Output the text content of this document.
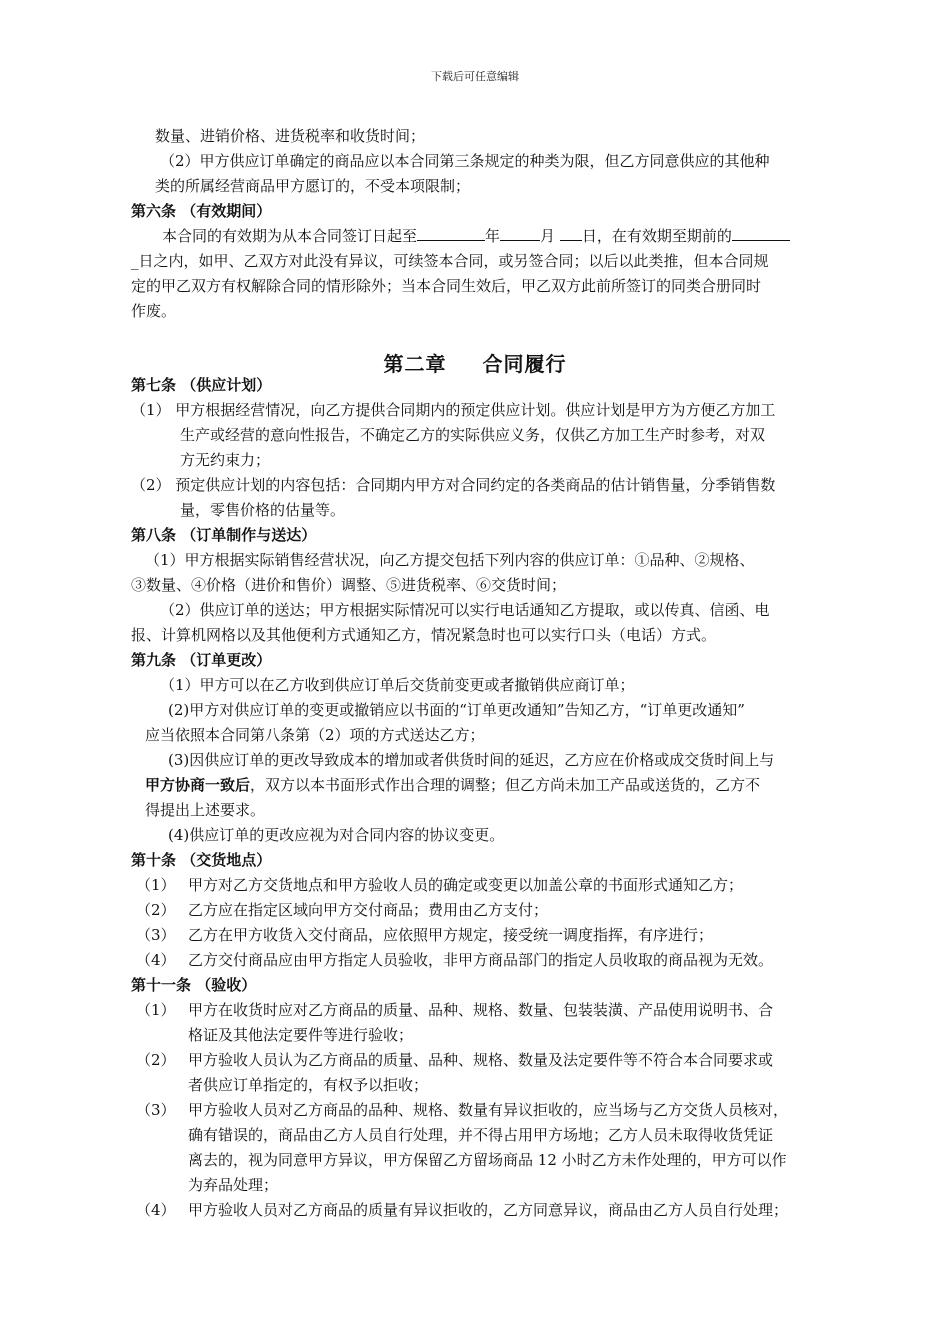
下载后可任意编辑
数量、进销价格、进货税率和收货时间；
（2）甲方供应订单确定的商品应以本合同第三条规定的种类为限，但乙方同意供应的其他种
类的所属经营商品甲方愿订的，不受本项限制；
第六条 （有效期间）
本合同的有效期为从本合同签订日起至	年	月 日，在有效期至期前的
_日之内，如甲、乙双方对此没有异议，可续签本合同，或另签合同；以后以此类推，但本合同规
定的甲乙双方有权解除合同的情形除外；当本合同生效后，甲乙双方此前所签订的同类合册同时
作废。
第二章 合同履行
第七条 （供应计划）
（1） 甲方根据经营情况，向乙方提供合同期内的预定供应计划。供应计划是甲方为方便乙方加工
生产或经营的意向性报告，不确定乙方的实际供应义务，仅供乙方加工生产时参考，对双
方无约束力；
（2） 预定供应计划的内容包括：合同期内甲方对合同约定的各类商品的估计销售量，分季销售数
量，零售价格的估量等。
第八条 （订单制作与送达）
（1）甲方根据实际销售经营状况，向乙方提交包括下列内容的供应订单：①品种、②规格、
③数量、④价格（进价和售价）调整、⑤进货税率、⑥交货时间；
（2）供应订单的送达；甲方根据实际情况可以实行电话通知乙方提取，或以传真、信函、电
报、计算机网格以及其他便利方式通知乙方，情况紧急时也可以实行口头（电话）方式。
第九条 （订单更改）
（1）甲方可以在乙方收到供应订单后交货前变更或者撤销供应商订单；
(2)甲方对供应订单的变更或撤销应以书面的“订单更改通知”告知乙方，“订单更改通知”
应当依照本合同第八条第（2）项的方式送达乙方；
(3)因供应订单的更改导致成本的增加或者供货时间的延迟，乙方应在价格或成交货时间上与
甲方协商一致后，双方以本书面形式作出合理的调整；但乙方尚未加工产品或送货的，乙方不
得提出上述要求。
(4)供应订单的更改应视为对合同内容的协议变更。
第十条 （交货地点）
（1） 甲方对乙方交货地点和甲方验收人员的确定或变更以加盖公章的书面形式通知乙方；
（2） 乙方应在指定区域向甲方交付商品；费用由乙方支付；
（3） 乙方在甲方收货入交付商品，应依照甲方规定，接受统一调度指挥，有序进行；
（4） 乙方交付商品应由甲方指定人员验收，非甲方商品部门的指定人员收取的商品视为无效。
第十一条 （验收）
（1） 甲方在收货时应对乙方商品的质量、品种、规格、数量、包装装潢、产品使用说明书、合
格证及其他法定要件等进行验收；
（2） 甲方验收人员认为乙方商品的质量、品种、规格、数量及法定要件等不符合本合同要求或
者供应订单指定的，有权予以拒收；
（3） 甲方验收人员对乙方商品的品种、规格、数量有异议拒收的，应当场与乙方交货人员核对，
确有错误的，商品由乙方人员自行处理，并不得占用甲方场地；乙方人员未取得收货凭证
离去的，视为同意甲方异议，甲方保留乙方留场商品 12 小时乙方未作处理的，甲方可以作
为弃品处理；
（4） 甲方验收人员对乙方商品的质量有异议拒收的，乙方同意异议，商品由乙方人员自行处理；
